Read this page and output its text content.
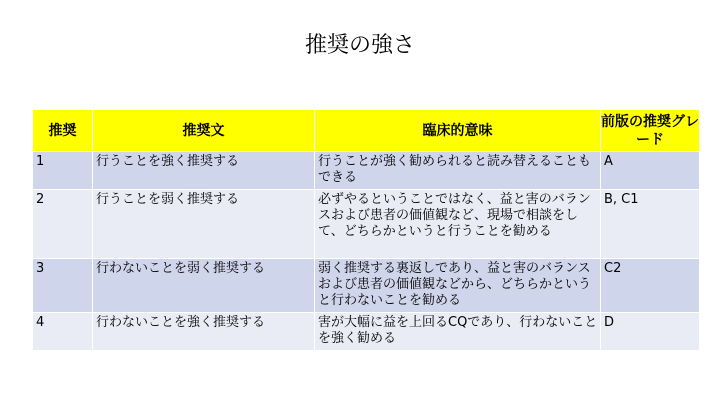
推奨の強さ
推奨	推奨文	臨床的意味	前版の推奨グレード
1	行うことを強く推奨する	行うことが強く勧められると読み替えることもできる	A
2	行うことを弱く推奨する	必ずやるということではなく、益と害のバランスおよび患者の価値観など、現場で相談をして、どちらかというと行うことを勧める	B, C1
3	行わないことを弱く推奨する	弱く推奨する裏返しであり、益と害のバランスおよび患者の価値観などから、どちらかというと行わないことを勧める	C2
4	行わないことを強く推奨する	害が大幅に益を上回るCQであり、行わないことを強く勧める	D
